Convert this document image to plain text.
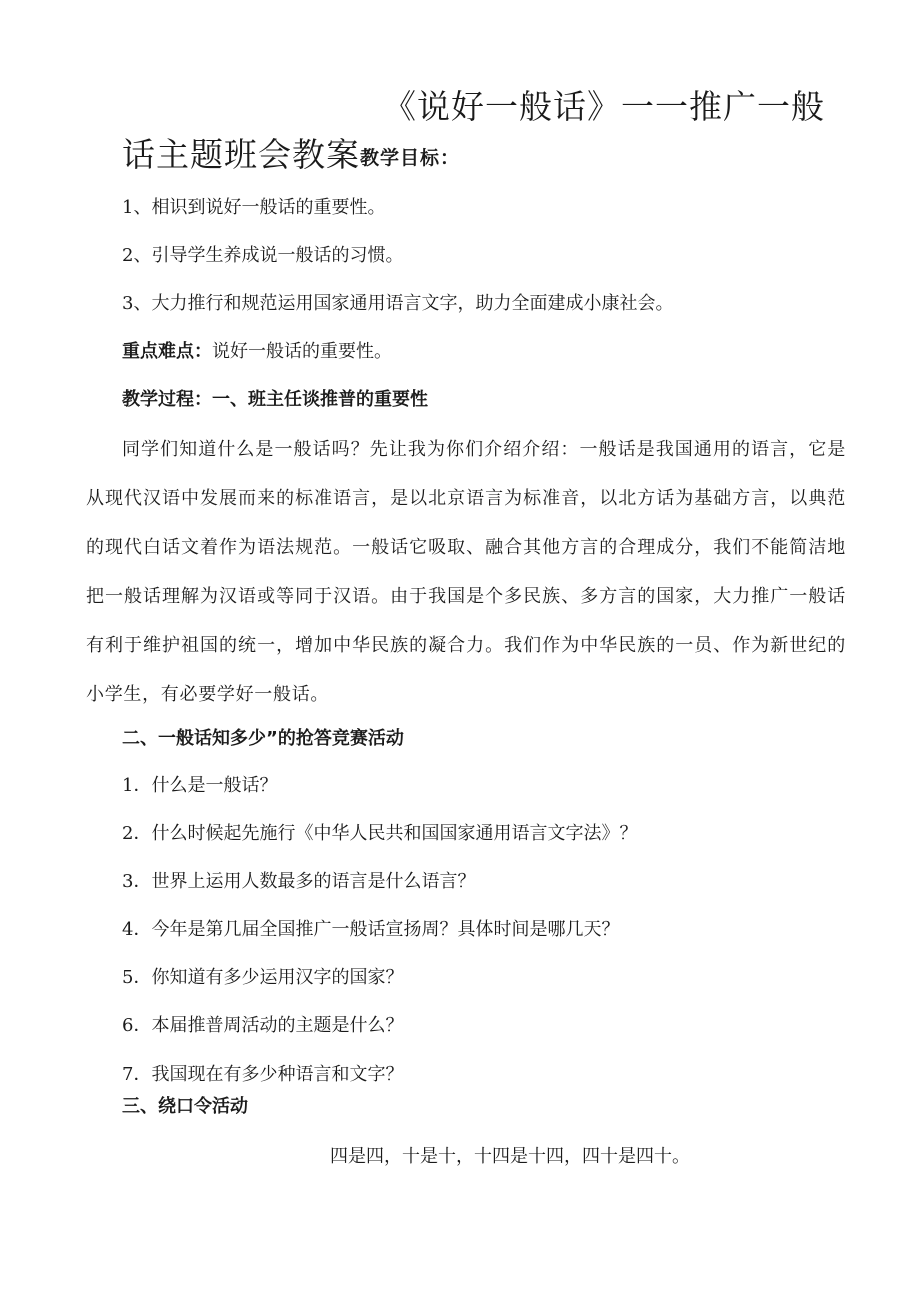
《说好一般话》一一推广一般
话主题班会教案教学目标：
1、相识到说好一般话的重要性。
2、引导学生养成说一般话的习惯。
3、大力推行和规范运用国家通用语言文字，助力全面建成小康社会。
重点难点：说好一般话的重要性。
教学过程：一、班主任谈推普的重要性
同学们知道什么是一般话吗？先让我为你们介绍介绍：一般话是我国通用的语言，它是从现代汉语中发展而来的标准语言，是以北京语言为标准音，以北方话为基础方言，以典范的现代白话文着作为语法规范。一般话它吸取、融合其他方言的合理成分，我们不能简洁地把一般话理解为汉语或等同于汉语。由于我国是个多民族、多方言的国家，大力推广一般话有利于维护祖国的统一，增加中华民族的凝合力。我们作为中华民族的一员、作为新世纪的小学生，有必要学好一般话。
二、一般话知多少”的抢答竞赛活动
1．什么是一般话？
2．什么时候起先施行《中华人民共和国国家通用语言文字法》？
3．世界上运用人数最多的语言是什么语言？
4．今年是第几届全国推广一般话宣扬周？具体时间是哪几天？
5．你知道有多少运用汉字的国家？
6．本届推普周活动的主题是什么？
7．我国现在有多少种语言和文字？
三、绕口令活动
四是四，十是十，十四是十四，四十是四十。
